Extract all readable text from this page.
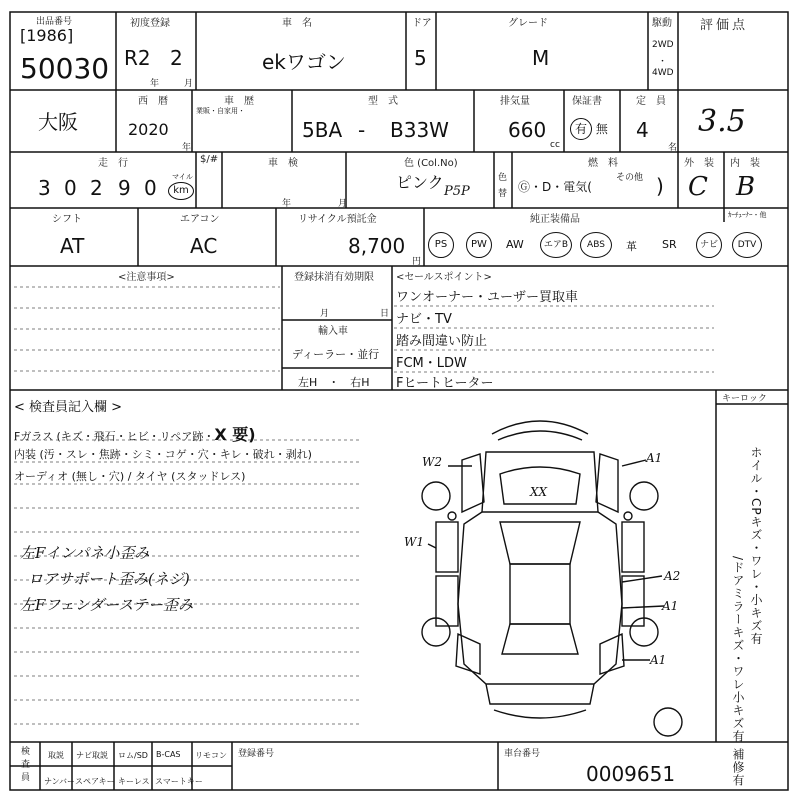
出品番号
[1986]
50030
初度登録
R2 2
年	月
車　名
ekワゴン
ドア
5
グレード
M
駆動
2WD
・
4WD
評価点
3.5
大阪
西　暦
2020
年
車　歴
業販・自家用・
型　式
5BA - B33W
排気量
660
cc
保証書
有 無
定　員
4
名
走　行
3 0 2 9 0 マイル
km
$/#	車　検
年	月
色 (Col.No)
ピンク P5P
色
替
燃　料
Ⓖ・D・電気(
その他 )
外　装
C
内　装
B
シフト
AT
エアコン
AC
リサイクル預託金
8,700
円
純正装備品	ｶｰﾁｭｰﾅｰ・他
PS	PW	AW	エアB	ABS	革 SR	ナビ	DTV
<注意事項>	登録抹消有効期限
月	日
輸入車
ディーラー・並行
左H　・　右H
<セールスポイント>
ワンオーナー・ユーザー買取車
ナビ・TV
踏み間違い防止
FCM・LDW
Fヒートヒーター
< 検査員記入欄 >
Fガラス (キズ・飛石・ヒビ・リペア跡・X 要)
内装 (汚・スレ・焦跡・シミ・コゲ・穴・キレ・破れ・剥れ)
オーディオ (無し・穴) / タイヤ (スタッドレス)
左Fインパネ小歪み
ロアサポート歪み(ネジ)
左Fフェンダーステー歪み
W2	A1
XX
W1
A2
A1
A1
キーロック
ホイル・CPキズ・ワレ・小キズ有
/ドアミラーキズ・ワレ小キズ有 補修有
検査員 取説 ナビ取説 ロム/SD B-CAS リモコン
ナンバー スペアキー キーレス スマートキー
登録番号	車台番号
0009651
